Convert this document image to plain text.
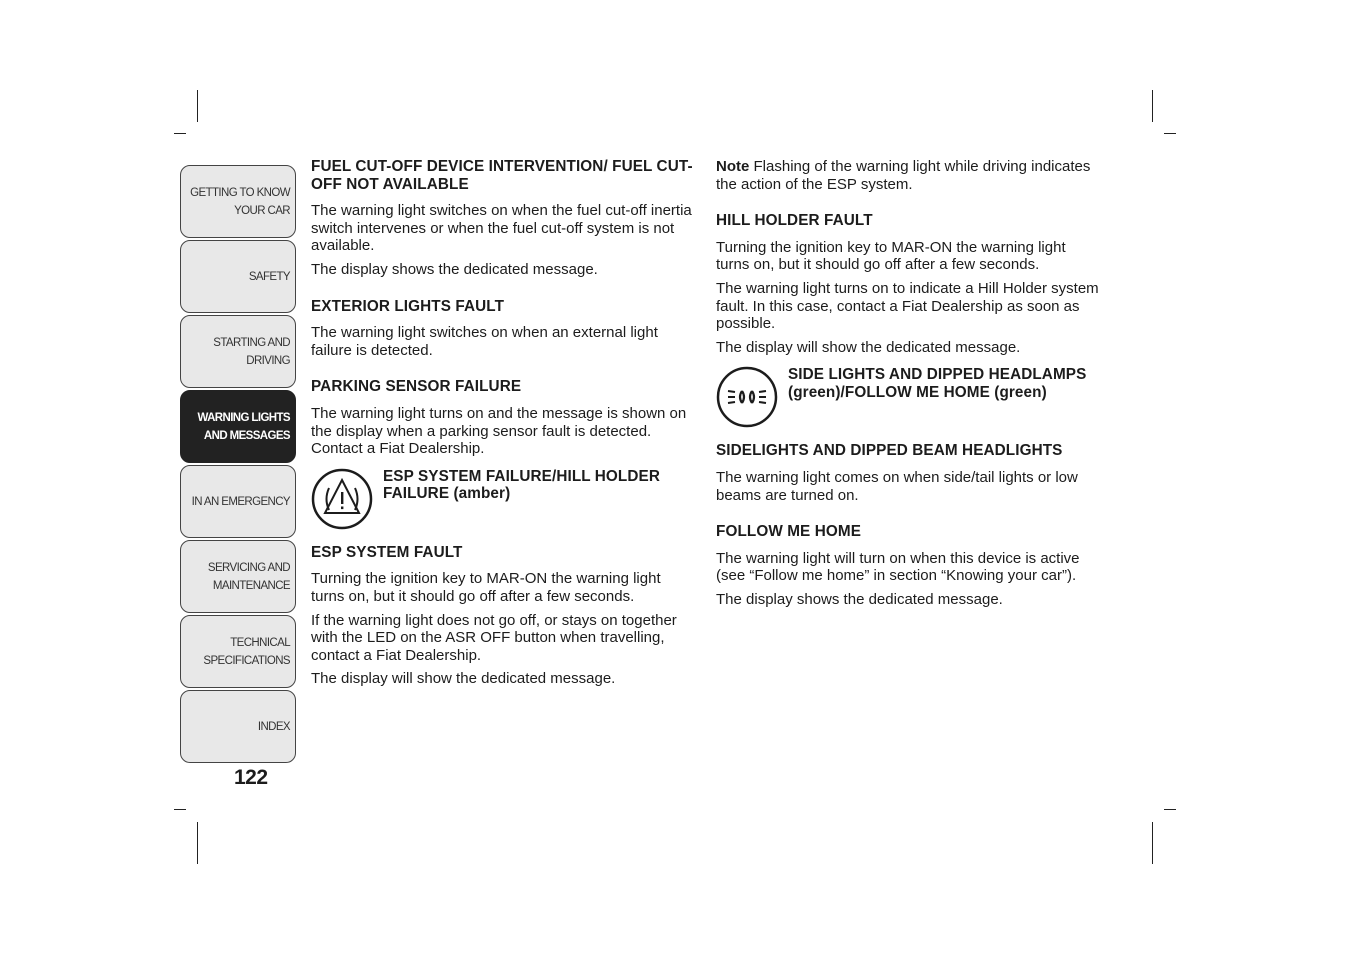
GETTING TO KNOW
YOUR CAR
SAFETY
STARTING AND
DRIVING
WARNING LIGHTS
AND MESSAGES
IN AN EMERGENCY
SERVICING AND
MAINTENANCE
TECHNICAL
SPECIFICATIONS
INDEX
122
FUEL CUT-OFF DEVICE INTERVENTION/ FUEL CUT-OFF NOT AVAILABLE

The warning light switches on when the fuel cut-off inertia switch intervenes or when the fuel cut-off system is not available.

The display shows the dedicated message.

EXTERIOR LIGHTS FAULT

The warning light switches on when an external light failure is detected.

PARKING SENSOR FAILURE

The warning light turns on and the message is shown on the display when a parking sensor fault is detected. Contact a Fiat Dealership.

ESP SYSTEM FAILURE/HILL HOLDER FAILURE (amber)
ESP SYSTEM FAULT

Turning the ignition key to MAR-ON the warning light turns on, but it should go off after a few seconds.

If the warning light does not go off, or stays on together with the LED on the ASR OFF button when travelling, contact a Fiat Dealership.

The display will show the dedicated message.

Note Flashing of the warning light while driving indicates the action of the ESP system.

HILL HOLDER FAULT

Turning the ignition key to MAR-ON the warning light turns on, but it should go off after a few seconds.

The warning light turns on to indicate a Hill Holder system fault. In this case, contact a Fiat Dealership as soon as possible.

The display will show the dedicated message.

SIDE LIGHTS AND DIPPED HEADLAMPS (green)/FOLLOW ME HOME (green)
SIDELIGHTS AND DIPPED BEAM HEADLIGHTS

The warning light comes on when side/tail lights or low beams are turned on.

FOLLOW ME HOME

The warning light will turn on when this device is active (see “Follow me home” in section “Knowing your car”).

The display shows the dedicated message.
